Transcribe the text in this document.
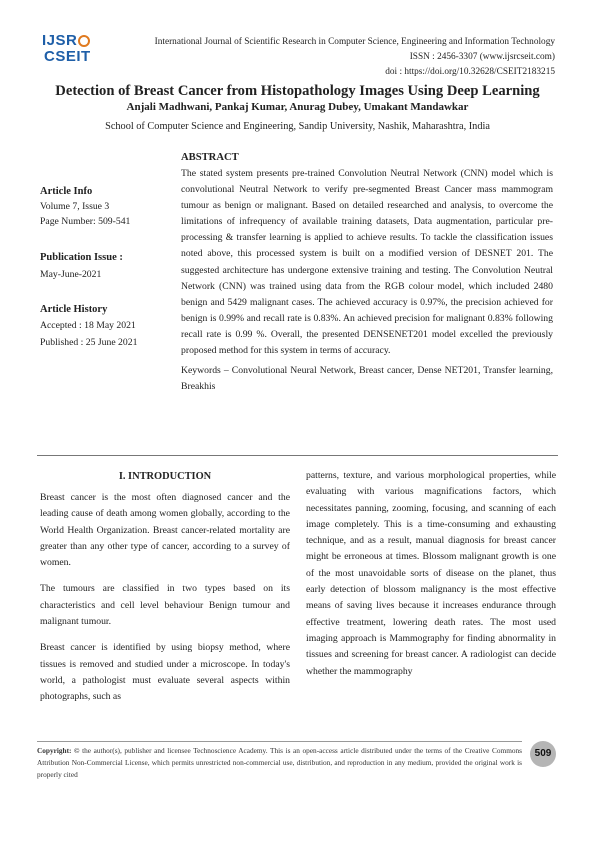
IJSR
CSEIT
International Journal of Scientific Research in Computer Science, Engineering and Information Technology
ISSN : 2456-3307 (www.ijsrcseit.com)
doi : https://doi.org/10.32628/CSEIT2183215
Detection of Breast Cancer from Histopathology Images Using Deep Learning
Anjali Madhwani, Pankaj Kumar, Anurag Dubey, Umakant Mandawkar
School of Computer Science and Engineering, Sandip University, Nashik, Maharashtra, India
Article Info
Volume 7, Issue 3
Page Number: 509-541
Publication Issue :
May-June-2021
Article History
Accepted : 18 May 2021
Published : 25 June 2021
ABSTRACT
The stated system presents pre-trained Convolution Neutral Network (CNN) model which is convolutional Neutral Network to verify pre-segmented Breast Cancer mass mammogram tumour as benign or malignant. Based on detailed researched and analysis, to overcome the limitations of infrequency of available training datasets, Data augmentation, particular pre-processing & transfer learning is applied to achieve results. To tackle the classification issues noted above, this processed system is built on a modified version of DESNET 201. The suggested architecture has undergone extensive training and testing. The Convolution Neutral Network (CNN) was trained using data from the RGB colour model, which included 2480 benign and 5429 malignant cases. The achieved accuracy is 0.97%, the precision achieved for benign is 0.99% and recall rate is 0.83%. An achieved precision for malignant 0.83% following recall rate is 0.99 %. Overall, the presented DENSENET201 model excelled the previously proposed method for this system in terms of accuracy.
Keywords – Convolutional Neural Network, Breast cancer, Dense NET201, Transfer learning, Breakhis
I. INTRODUCTION

Breast cancer is the most often diagnosed cancer and the leading cause of death among women globally, according to the World Health Organization. Breast cancer-related mortality are greater than any other type of cancer, according to a survey of women.

The tumours are classified in two types based on its characteristics and cell level behaviour Benign tumour and malignant tumour.

Breast cancer is identified by using biopsy method, where tissues is removed and studied under a microscope. In today's world, a pathologist must evaluate several aspects within photographs, such as

patterns, texture, and various morphological properties, while evaluating with various magnifications factors, which necessitates panning, zooming, focusing, and scanning of each image completely. This is a time-consuming and exhausting technique, and as a result, manual diagnosis for breast cancer might be erroneous at times. Blossom malignant growth is one of the most unavoidable sorts of disease on the planet, thus early detection of blossom malignancy is the most effective means of saving lives because it increases endurance through effective treatment, lowering death rates. The most used imaging approach is Mammography for finding abnormality in tissues and screening for breast cancer. A radiologist can decide whether the mammography

Copyright: © the author(s), publisher and licensee Technoscience Academy. This is an open-access article distributed under the terms of the Creative Commons Attribution Non-Commercial License, which permits unrestricted non-commercial use, distribution, and reproduction in any medium, provided the original work is properly cited
509
